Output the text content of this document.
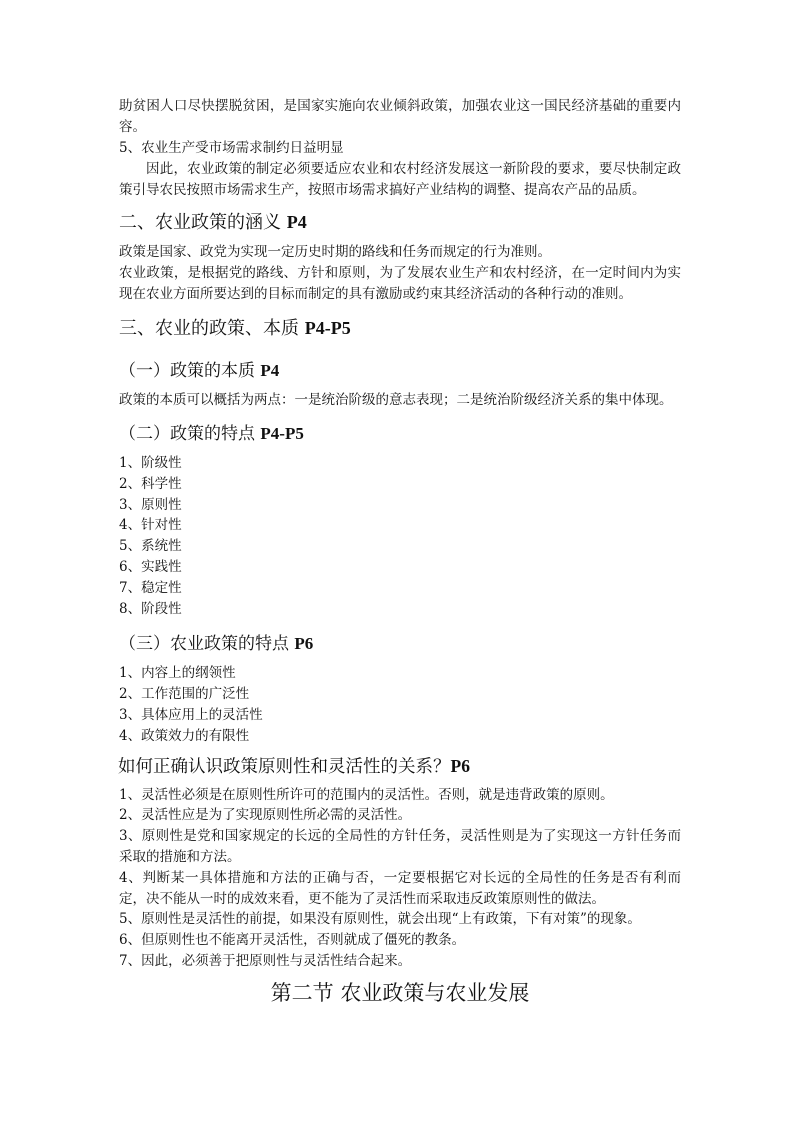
助贫困人口尽快摆脱贫困，是国家实施向农业倾斜政策，加强农业这一国民经济基础的重要内容。

5、农业生产受市场需求制约日益明显

因此，农业政策的制定必须要适应农业和农村经济发展这一新阶段的要求，要尽快制定政策引导农民按照市场需求生产，按照市场需求搞好产业结构的调整、提高农产品的品质。

二、农业政策的涵义 P4

政策是国家、政党为实现一定历史时期的路线和任务而规定的行为准则。

农业政策，是根据党的路线、方针和原则，为了发展农业生产和农村经济，在一定时间内为实现在农业方面所要达到的目标而制定的具有激励或约束其经济活动的各种行动的准则。

三、农业的政策、本质 P4-P5
（一）政策的本质 P4

政策的本质可以概括为两点：一是统治阶级的意志表现；二是统治阶级经济关系的集中体现。

（二）政策的特点 P4-P5

1、阶级性

2、科学性

3、原则性

4、针对性

5、系统性

6、实践性

7、稳定性

8、阶段性

（三）农业政策的特点 P6

1、内容上的纲领性

2、工作范围的广泛性

3、具体应用上的灵活性

4、政策效力的有限性

如何正确认识政策原则性和灵活性的关系？P6

1、灵活性必须是在原则性所许可的范围内的灵活性。否则，就是违背政策的原则。

2、灵活性应是为了实现原则性所必需的灵活性。

3、原则性是党和国家规定的长远的全局性的方针任务，灵活性则是为了实现这一方针任务而采取的措施和方法。

4、判断某一具体措施和方法的正确与否，一定要根据它对长远的全局性的任务是否有利而定，决不能从一时的成效来看，更不能为了灵活性而采取违反政策原则性的做法。

5、原则性是灵活性的前提，如果没有原则性，就会出现“上有政策，下有对策”的现象。

6、但原则性也不能离开灵活性，否则就成了僵死的教条。

7、因此，必须善于把原则性与灵活性结合起来。

第二节 农业政策与农业发展
